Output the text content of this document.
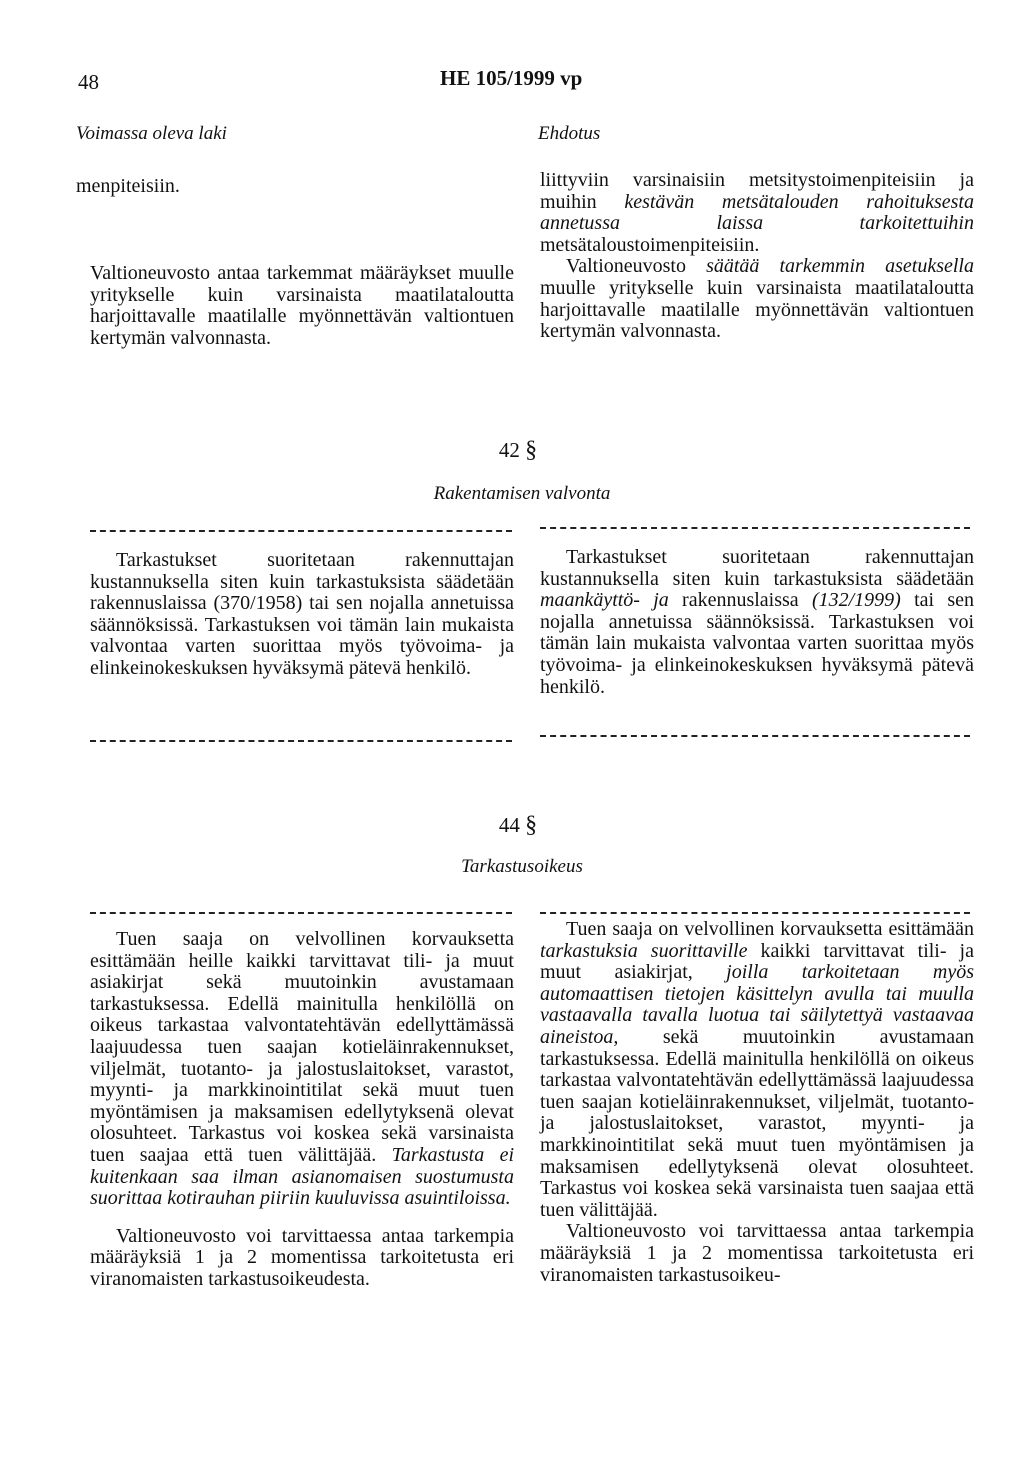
48	HE 105/1999 vp
Voimassa oleva laki	Ehdotus

menpiteisiin.

Valtioneuvosto antaa tarkemmat määräykset muulle yritykselle kuin varsinaista maatilataloutta harjoittavalle maatilalle myönnettävän valtiontuen kertymän valvonnasta.

liittyviin varsinaisiin metsitystoimenpiteisiin ja muihin kestävän metsätalouden rahoituksesta annetussa laissa tarkoitettuihin metsätaloustoimenpiteisiin.

Valtioneuvosto säätää tarkemmin asetuksella muulle yritykselle kuin varsinaista maatilataloutta harjoittavalle maatilalle myönnettävän valtiontuen kertymän valvonnasta.

42 §
Rakentamisen valvonta

Tarkastukset suoritetaan rakennuttajan kustannuksella siten kuin tarkastuksista säädetään rakennuslaissa (370/1958) tai sen nojalla annetuissa säännöksissä. Tarkastuksen voi tämän lain mukaista valvontaa varten suorittaa myös työvoima- ja elinkeinokeskuksen hyväksymä pätevä henkilö.

Tarkastukset suoritetaan rakennuttajan kustannuksella siten kuin tarkastuksista säädetään maankäyttö- ja rakennuslaissa (132/1999) tai sen nojalla annetuissa säännöksissä. Tarkastuksen voi tämän lain mukaista valvontaa varten suorittaa myös työvoima- ja elinkeinokeskuksen hyväksymä pätevä henkilö.

44 §
Tarkastusoikeus

Tuen saaja on velvollinen korvauksetta esittämään heille kaikki tarvittavat tili- ja muut asiakirjat sekä muutoinkin avustamaan tarkastuksessa. Edellä mainitulla henkilöllä on oikeus tarkastaa valvontatehtävän edellyttämässä laajuudessa tuen saajan kotieläinrakennukset, viljelmät, tuotanto- ja jalostuslaitokset, varastot, myynti- ja markkinointitilat sekä muut tuen myöntämisen ja maksamisen edellytyksenä olevat olosuhteet. Tarkastus voi koskea sekä varsinaista tuen saajaa että tuen välittäjää. Tarkastusta ei kuitenkaan saa ilman asianomaisen suostumusta suorittaa kotirauhan piiriin kuuluvissa asuintiloissa.

Valtioneuvosto voi tarvittaessa antaa tarkempia määräyksiä 1 ja 2 momentissa tarkoitetusta eri viranomaisten tarkastusoikeudesta.

Tuen saaja on velvollinen korvauksetta esittämään tarkastuksia suorittaville kaikki tarvittavat tili- ja muut asiakirjat, joilla tarkoitetaan myös automaattisen tietojen käsittelyn avulla tai muulla vastaavalla tavalla luotua tai säilytettyä vastaavaa aineistoa, sekä muutoinkin avustamaan tarkastuksessa. Edellä mainitulla henkilöllä on oikeus tarkastaa valvontatehtävän edellyttämässä laajuudessa tuen saajan kotieläinrakennukset, viljelmät, tuotanto- ja jalostuslaitokset, varastot, myynti- ja markkinointitilat sekä muut tuen myöntämisen ja maksamisen edellytyksenä olevat olosuhteet. Tarkastus voi koskea sekä varsinaista tuen saajaa että tuen välittäjää.

Valtioneuvosto voi tarvittaessa antaa tarkempia määräyksiä 1 ja 2 momentissa tarkoitetusta eri viranomaisten tarkastusoikeu-
